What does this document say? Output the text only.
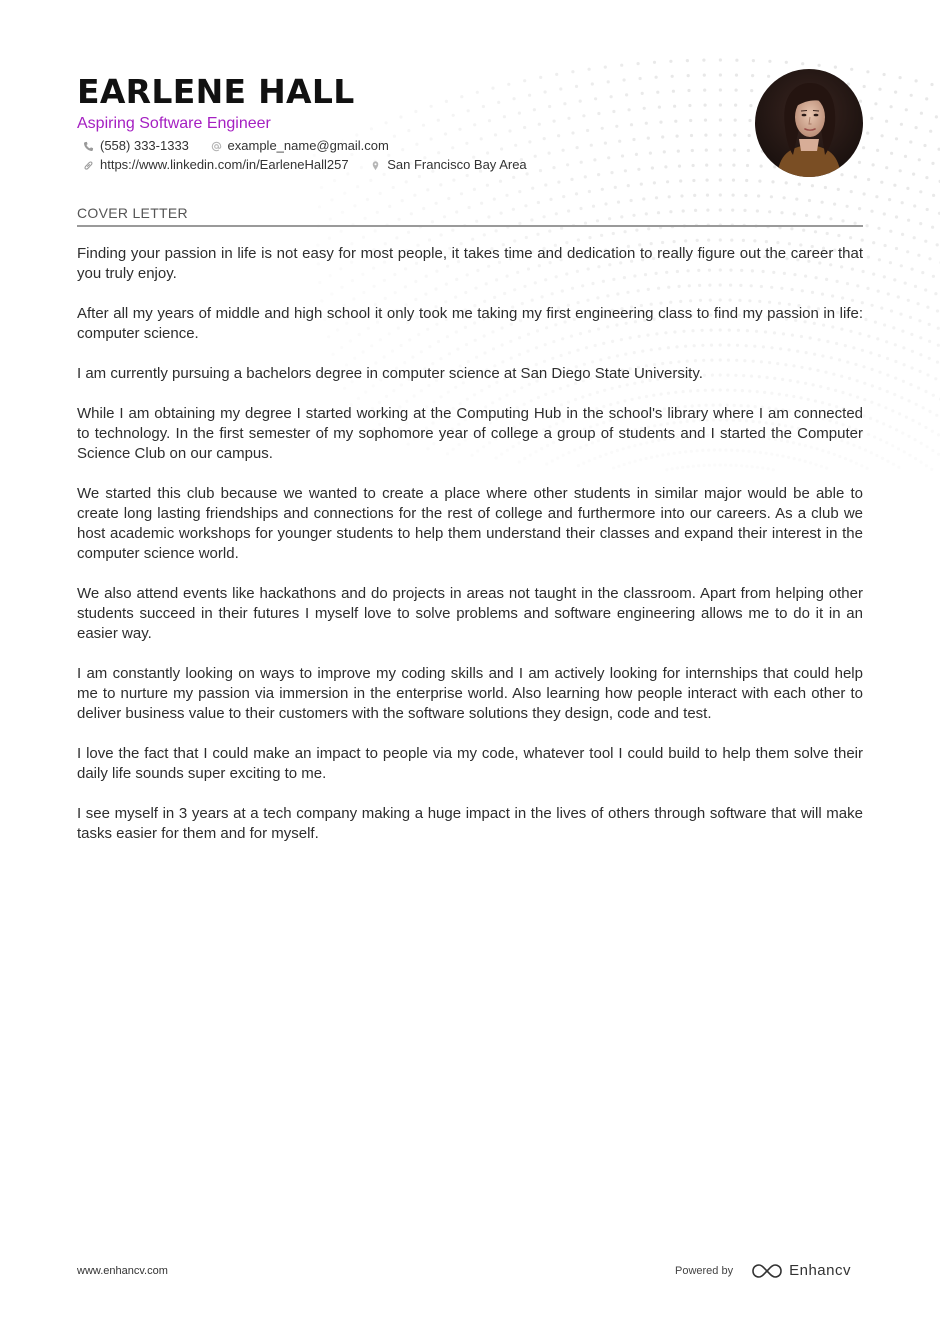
EARLENE HALL
Aspiring Software Engineer
(558) 333-1333
	example_name@gmail.com
https://www.linkedin.com/in/EarleneHall257
	San Francisco Bay Area
COVER LETTER

Finding your passion in life is not easy for most people, it takes time and dedication to really figure out the career that you truly enjoy.

After all my years of middle and high school it only took me taking my first engineering class to find my passion in life: computer science.

I am currently pursuing a bachelors degree in computer science at San Diego State University.

While I am obtaining my degree I started working at the Computing Hub in the school's library where I am connected to technology. In the first semester of my sophomore year of college a group of students and I started the Computer Science Club on our campus.

We started this club because we wanted to create a place where other students in similar major would be able to create long lasting friendships and connections for the rest of college and furthermore into our careers. As a club we host academic workshops for younger students to help them understand their classes and expand their interest in the computer science world.

We also attend events like hackathons and do projects in areas not taught in the classroom. Apart from helping other students succeed in their futures I myself love to solve problems and software engineering allows me to do it in an easier way.

I am constantly looking on ways to improve my coding skills and I am actively looking for internships that could help me to nurture my passion via immersion in the enterprise world. Also learning how people interact with each other to deliver business value to their customers with the software solutions they design, code and test.

I love the fact that I could make an impact to people via my code, whatever tool I could build to help them solve their daily life sounds super exciting to me.

I see myself in 3 years at a tech company making a huge impact in the lives of others through software that will make tasks easier for them and for myself.

www.enhancv.com	Powered by	Enhancv
